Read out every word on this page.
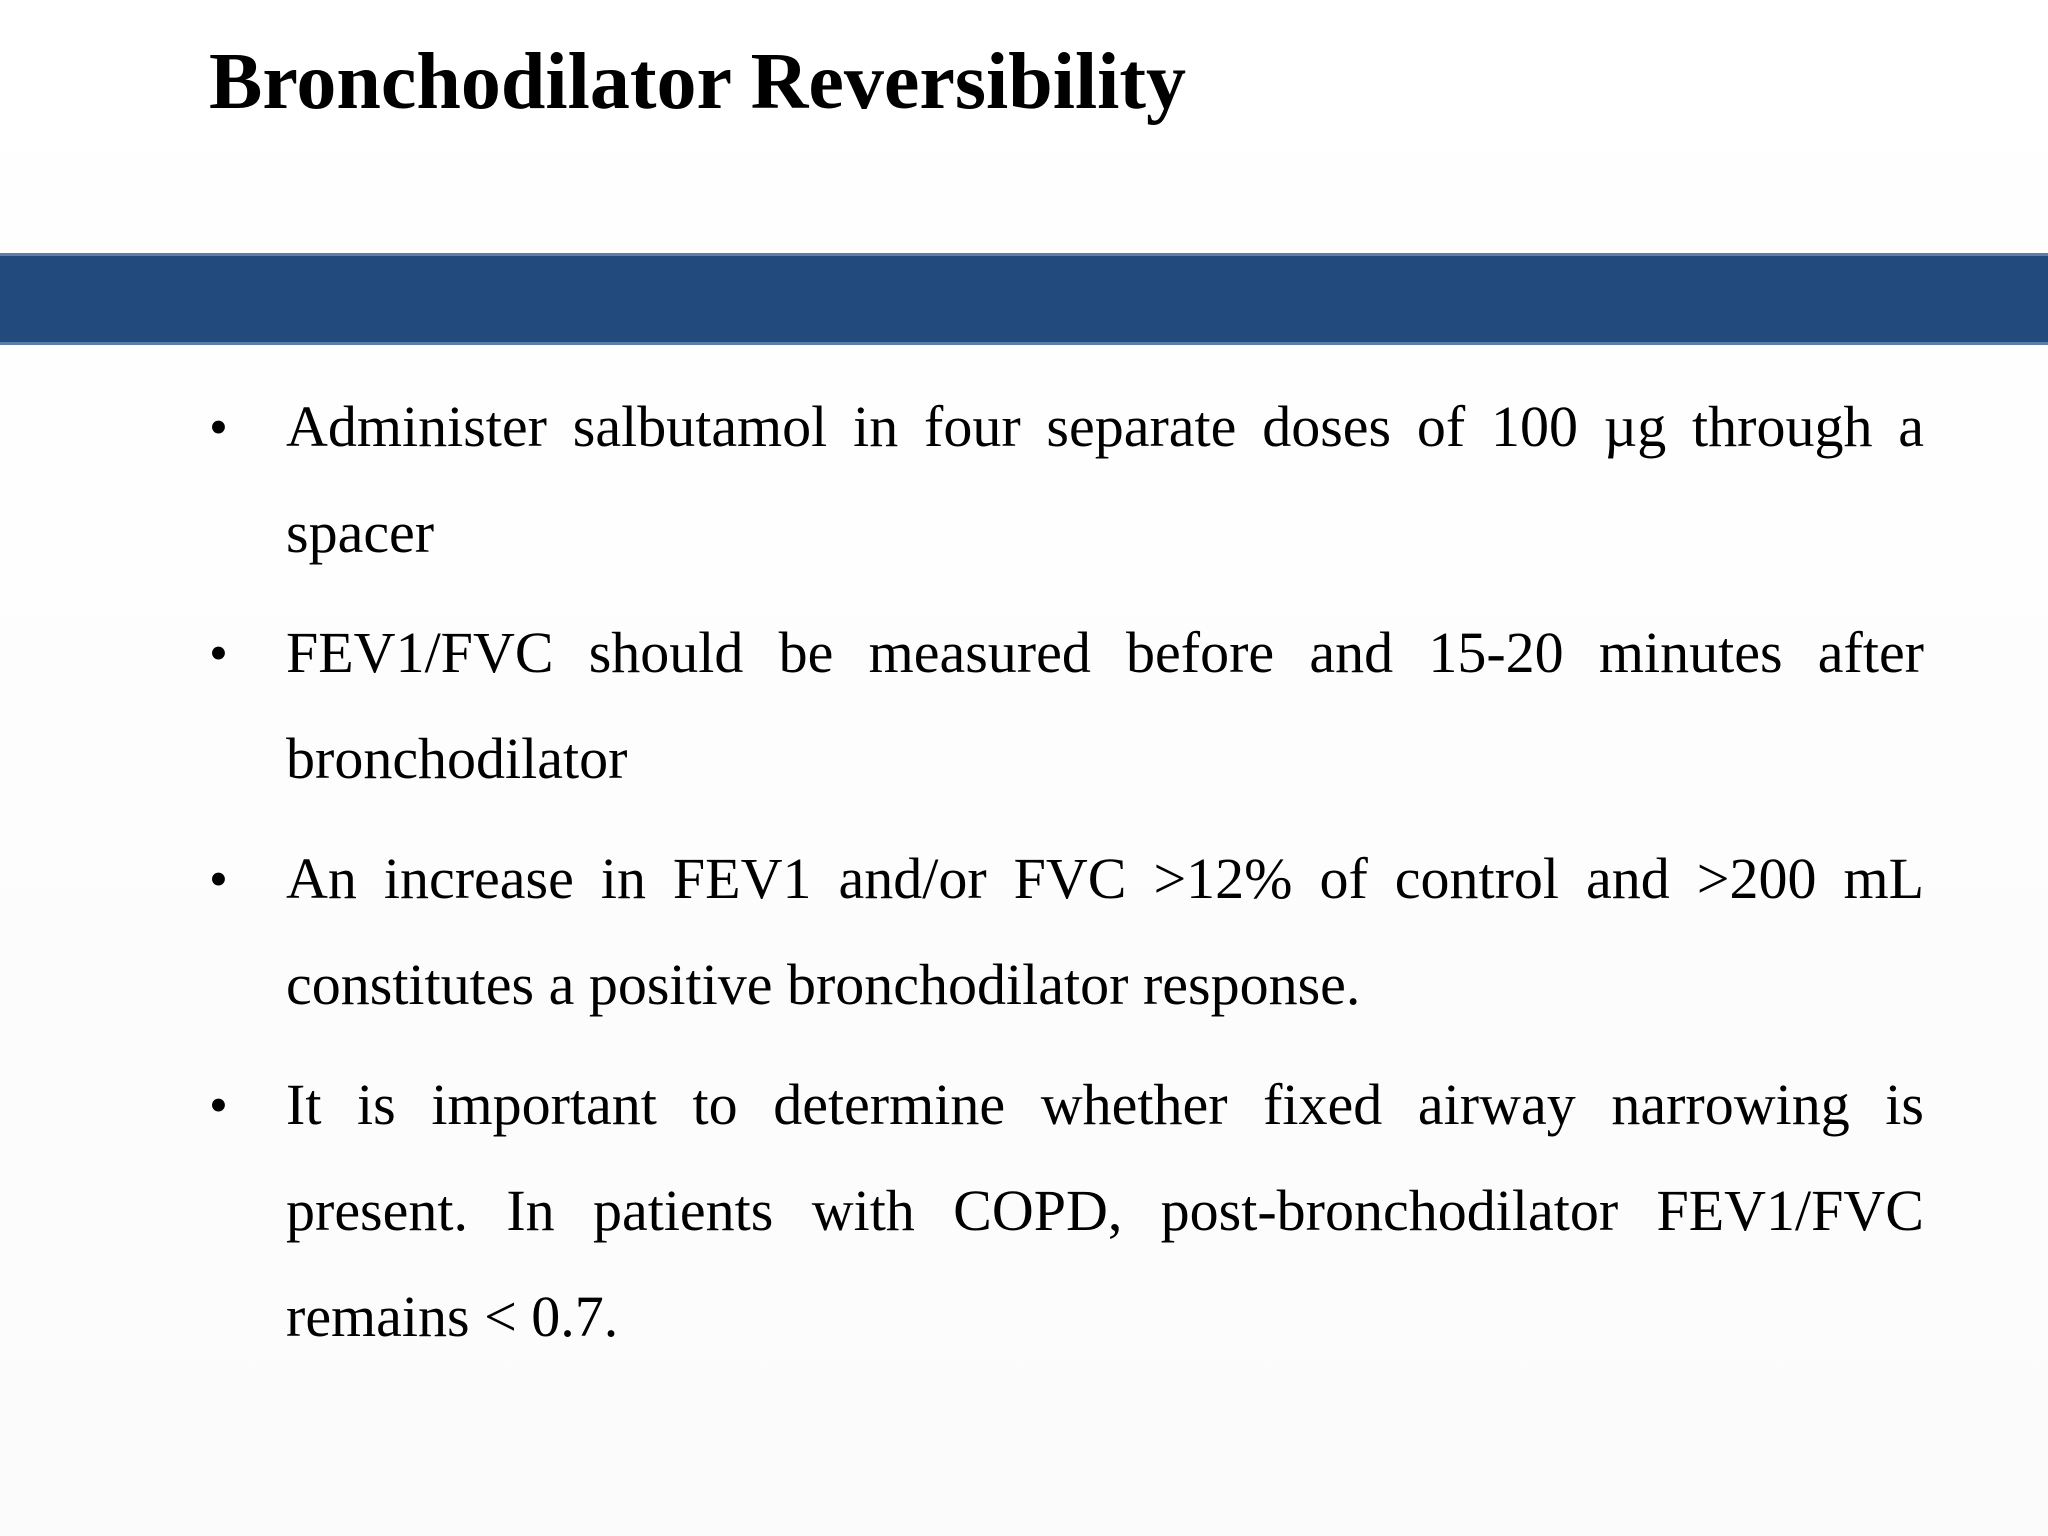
Bronchodilator Reversibility
• Administer salbutamol in four separate doses of 100 µg through a spacer
• FEV1/FVC should be measured before and 15-20 minutes after bronchodilator
• An increase in FEV1 and/or FVC >12% of control and >200 mL constitutes a positive bronchodilator response.
• It is important to determine whether fixed airway narrowing is present. In patients with COPD, post-bronchodilator FEV1/FVC remains < 0.7.
